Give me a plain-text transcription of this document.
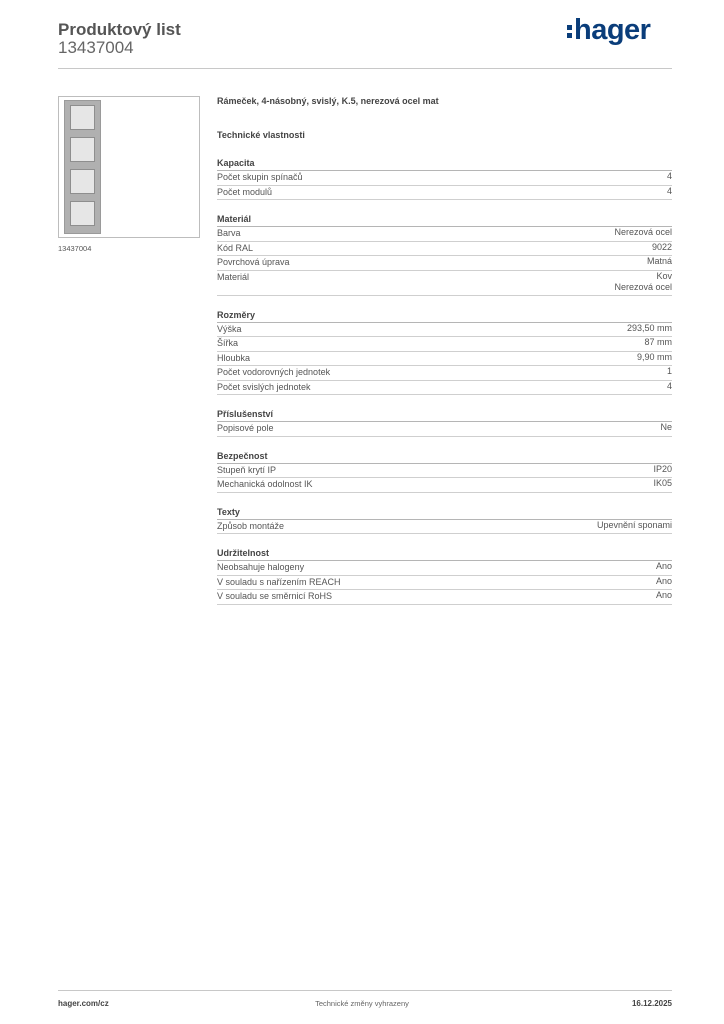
Produktový list
13437004
hager
13437004
Rámeček, 4-násobný, svislý, K.5, nerezová ocel mat
Technické vlastnosti
Kapacita
Počet skupin spínačů	4
Počet modulů	4
Materiál
Barva	Nerezová ocel
Kód RAL	9022
Povrchová úprava	Matná
Materiál	Kov
Nerezová ocel
Rozměry
Výška	293,50 mm
Šířka	87 mm
Hloubka	9,90 mm
Počet vodorovných jednotek	1
Počet svislých jednotek	4
Příslušenství
Popisové pole	Ne
Bezpečnost
Stupeň krytí IP	IP20
Mechanická odolnost IK	IK05
Texty
Způsob montáže	Upevnění sponami
Udržitelnost
Neobsahuje halogeny	Ano
V souladu s nařízením REACH	Ano
V souladu se směrnicí RoHS	Ano
hager.com/cz	Technické změny vyhrazeny	16.12.2025
